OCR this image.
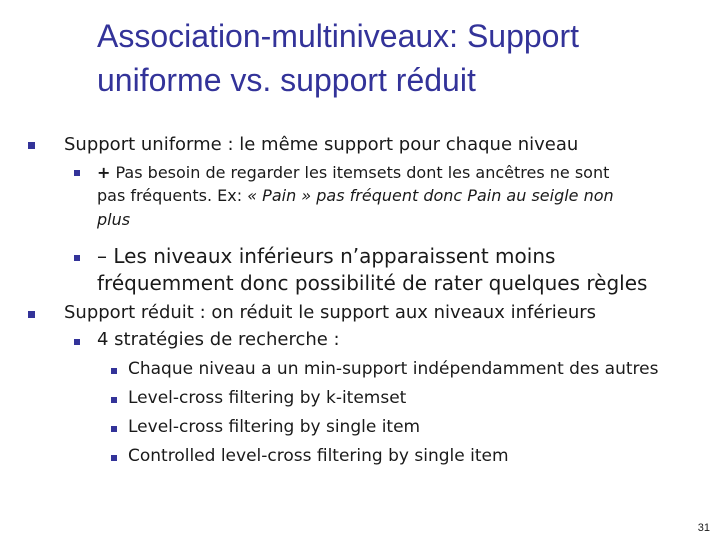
Association-multiniveaux: Support
uniforme vs. support réduit
Support uniforme : le même support pour chaque niveau
+ Pas besoin de regarder les itemsets dont les ancêtres ne sont
pas fréquents. Ex: « Pain » pas fréquent donc Pain au seigle non
plus
– Les niveaux inférieurs n’apparaissent moins
fréquemment donc possibilité de rater quelques règles
Support réduit : on réduit le support aux niveaux inférieurs
4 stratégies de recherche :
Chaque niveau a un min-support indépendamment des autres
Level-cross filtering by k-itemset
Level-cross filtering by single item
Controlled level-cross filtering by single item
31
